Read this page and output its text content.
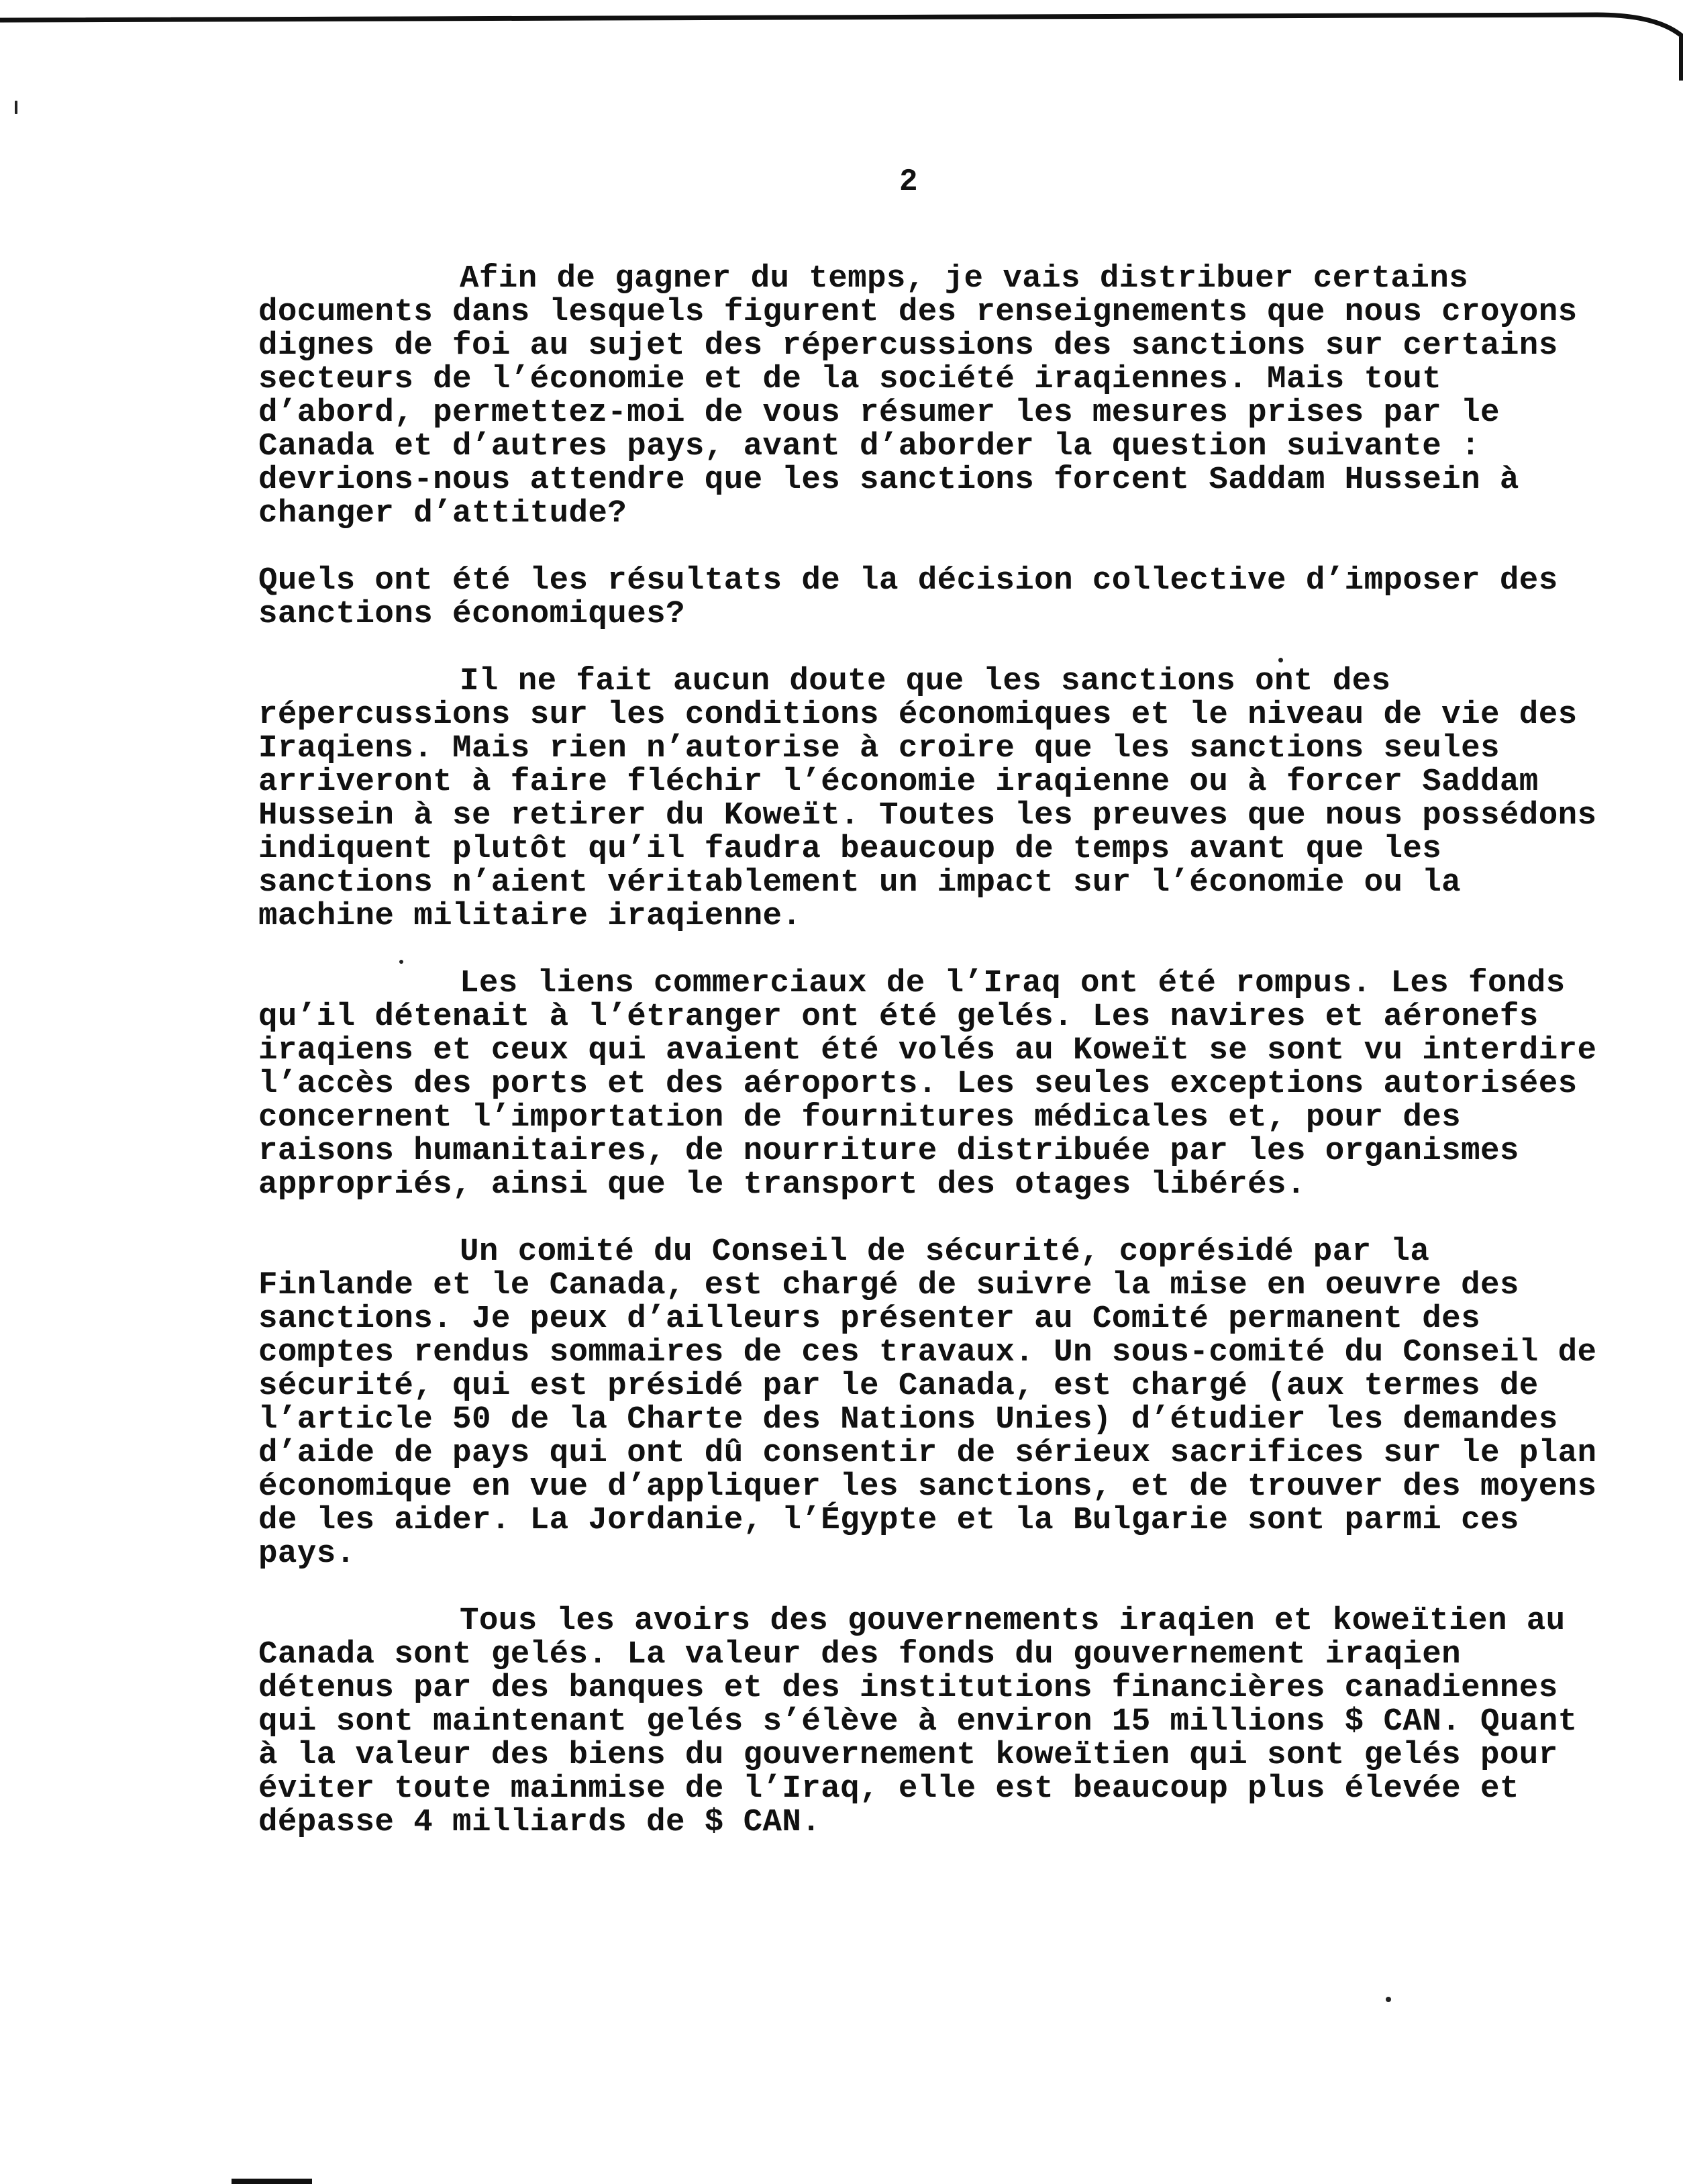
2

Afin de gagner du temps, je vais distribuer certains documents dans lesquels figurent des renseignements que nous croyons dignes de foi au sujet des répercussions des sanctions sur certains secteurs de l’économie et de la société iraqiennes. Mais tout d’abord, permettez-moi de vous résumer les mesures prises par le Canada et d’autres pays, avant d’aborder la question suivante : devrions-nous attendre que les sanctions forcent Saddam Hussein à changer d’attitude?

Quels ont été les résultats de la décision collective d’imposer des sanctions économiques?

Il ne fait aucun doute que les sanctions ont des répercussions sur les conditions économiques et le niveau de vie des Iraqiens. Mais rien n’autorise à croire que les sanctions seules arriveront à faire fléchir l’économie iraqienne ou à forcer Saddam Hussein à se retirer du Koweït. Toutes les preuves que nous possédons indiquent plutôt qu’il faudra beaucoup de temps avant que les sanctions n’aient véritablement un impact sur l’économie ou la machine militaire iraqienne.

Les liens commerciaux de l’Iraq ont été rompus. Les fonds qu’il détenait à l’étranger ont été gelés. Les navires et aéronefs iraqiens et ceux qui avaient été volés au Koweït se sont vu interdire l’accès des ports et des aéroports. Les seules exceptions autorisées concernent l’importation de fournitures médicales et, pour des raisons humanitaires, de nourriture distribuée par les organismes appropriés, ainsi que le transport des otages libérés.

Un comité du Conseil de sécurité, coprésidé par la Finlande et le Canada, est chargé de suivre la mise en oeuvre des sanctions. Je peux d’ailleurs présenter au Comité permanent des comptes rendus sommaires de ces travaux. Un sous-comité du Conseil de sécurité, qui est présidé par le Canada, est chargé (aux termes de l’article 50 de la Charte des Nations Unies) d’étudier les demandes d’aide de pays qui ont dû consentir de sérieux sacrifices sur le plan économique en vue d’appliquer les sanctions, et de trouver des moyens de les aider. La Jordanie, l’Égypte et la Bulgarie sont parmi ces pays.

Tous les avoirs des gouvernements iraqien et koweïtien au Canada sont gelés. La valeur des fonds du gouvernement iraqien détenus par des banques et des institutions financières canadiennes qui sont maintenant gelés s’élève à environ 15 millions $ CAN. Quant à la valeur des biens du gouvernement koweïtien qui sont gelés pour éviter toute mainmise de l’Iraq, elle est beaucoup plus élevée et dépasse 4 milliards de $ CAN.
